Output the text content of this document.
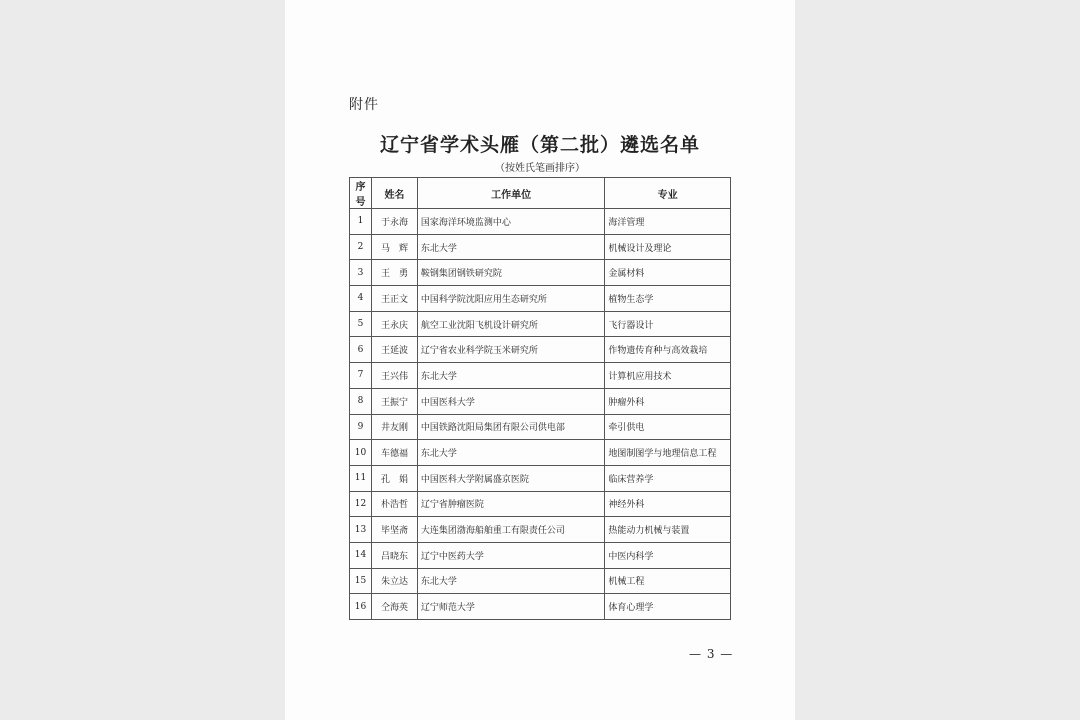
附件
辽宁省学术头雁（第二批）遴选名单
（按姓氏笔画排序）
序号	姓名	工作单位	专业
1	于永海	国家海洋环境监测中心	海洋管理
2	马　辉	东北大学	机械设计及理论
3	王　勇	鞍钢集团钢铁研究院	金属材料
4	王正文	中国科学院沈阳应用生态研究所	植物生态学
5	王永庆	航空工业沈阳飞机设计研究所	飞行器设计
6	王延波	辽宁省农业科学院玉米研究所	作物遗传育种与高效栽培
7	王兴伟	东北大学	计算机应用技术
8	王振宁	中国医科大学	肿瘤外科
9	井友刚	中国铁路沈阳局集团有限公司供电部	牵引供电
10	车德福	东北大学	地图制图学与地理信息工程
11	孔　娟	中国医科大学附属盛京医院	临床营养学
12	朴浩哲	辽宁省肿瘤医院	神经外科
13	毕坚斋	大连集团渤海船舶重工有限责任公司	热能动力机械与装置
14	吕晓东	辽宁中医药大学	中医内科学
15	朱立达	东北大学	机械工程
16	仝海英	辽宁师范大学	体育心理学
— 3 —
